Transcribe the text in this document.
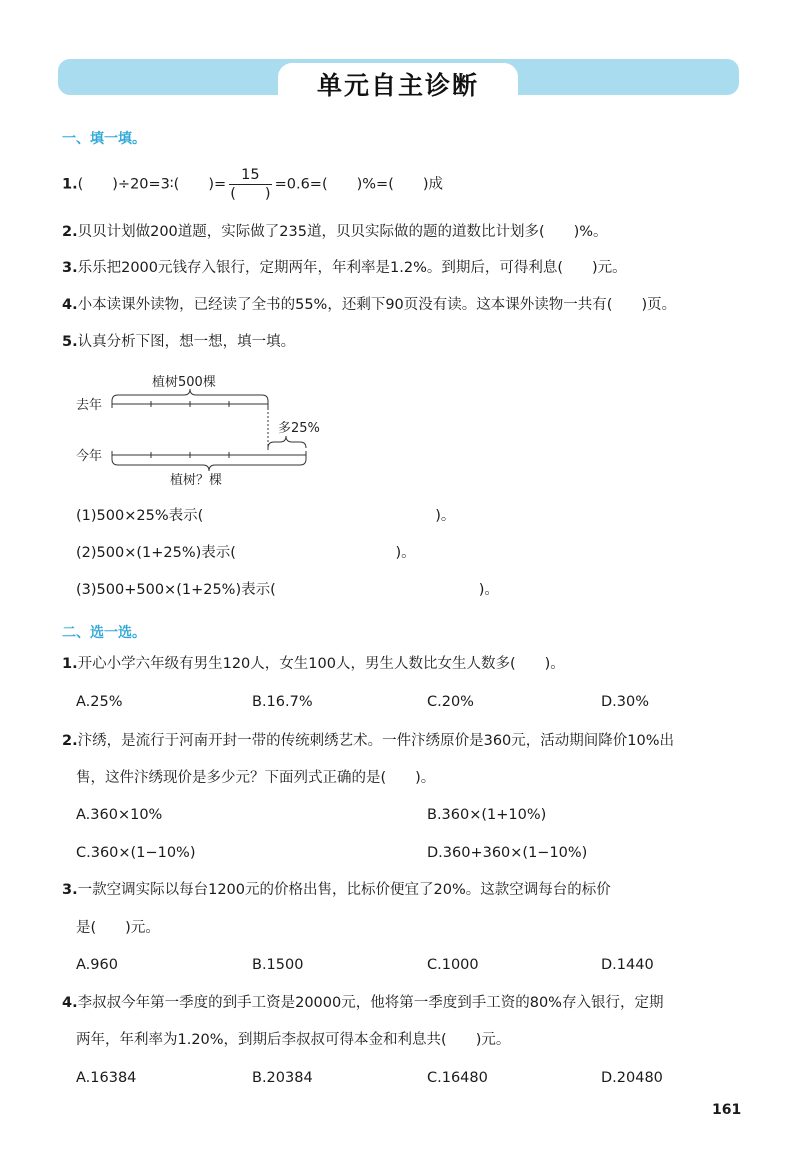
单元自主诊断
一、填一填。
1.(　　)÷20=3∶(　　)= $\frac{15}{( )} =0.6=$(　　)%=(　　)成
2.贝贝计划做200道题，实际做了235道，贝贝实际做的题的道数比计划多(　　)%。
3.乐乐把2000元钱存入银行，定期两年，年利率是1.2%。到期后，可得利息(　　)元。
4.小本读课外读物，已经读了全书的55%，还剩下90页没有读。这本课外读物一共有(　　)页。
5.认真分析下图，想一想，填一填。
植树500棵
去年
多25%
今年
植树？棵
(1)500×25%表示(　　　　　　　　　　　　　　　　)。
(2)500×(1+25%)表示(　　　　　　　　　　　)。
(3)500+500×(1+25%)表示(　　　　　　　　　　　　　　)。
二、选一选。
1.开心小学六年级有男生120人，女生100人，男生人数比女生人数多(　　)。
A.25%	B.16.7%	C.20%	D.30%
2.汴绣，是流行于河南开封一带的传统刺绣艺术。一件汴绣原价是360元，活动期间降价10%出
售，这件汴绣现价是多少元？下面列式正确的是(　　)。
A.360×10%	B.360×(1+10%)
C.360×(1−10%)	D.360+360×(1−10%)
3.一款空调实际以每台1200元的价格出售，比标价便宜了20%。这款空调每台的标价
是(　　)元。
A.960	B.1500	C.1000	D.1440
4.李叔叔今年第一季度的到手工资是20000元，他将第一季度到手工资的80%存入银行，定期
两年，年利率为1.20%，到期后李叔叔可得本金和利息共(　　)元。
A.16384	B.20384	C.16480	D.20480
161
